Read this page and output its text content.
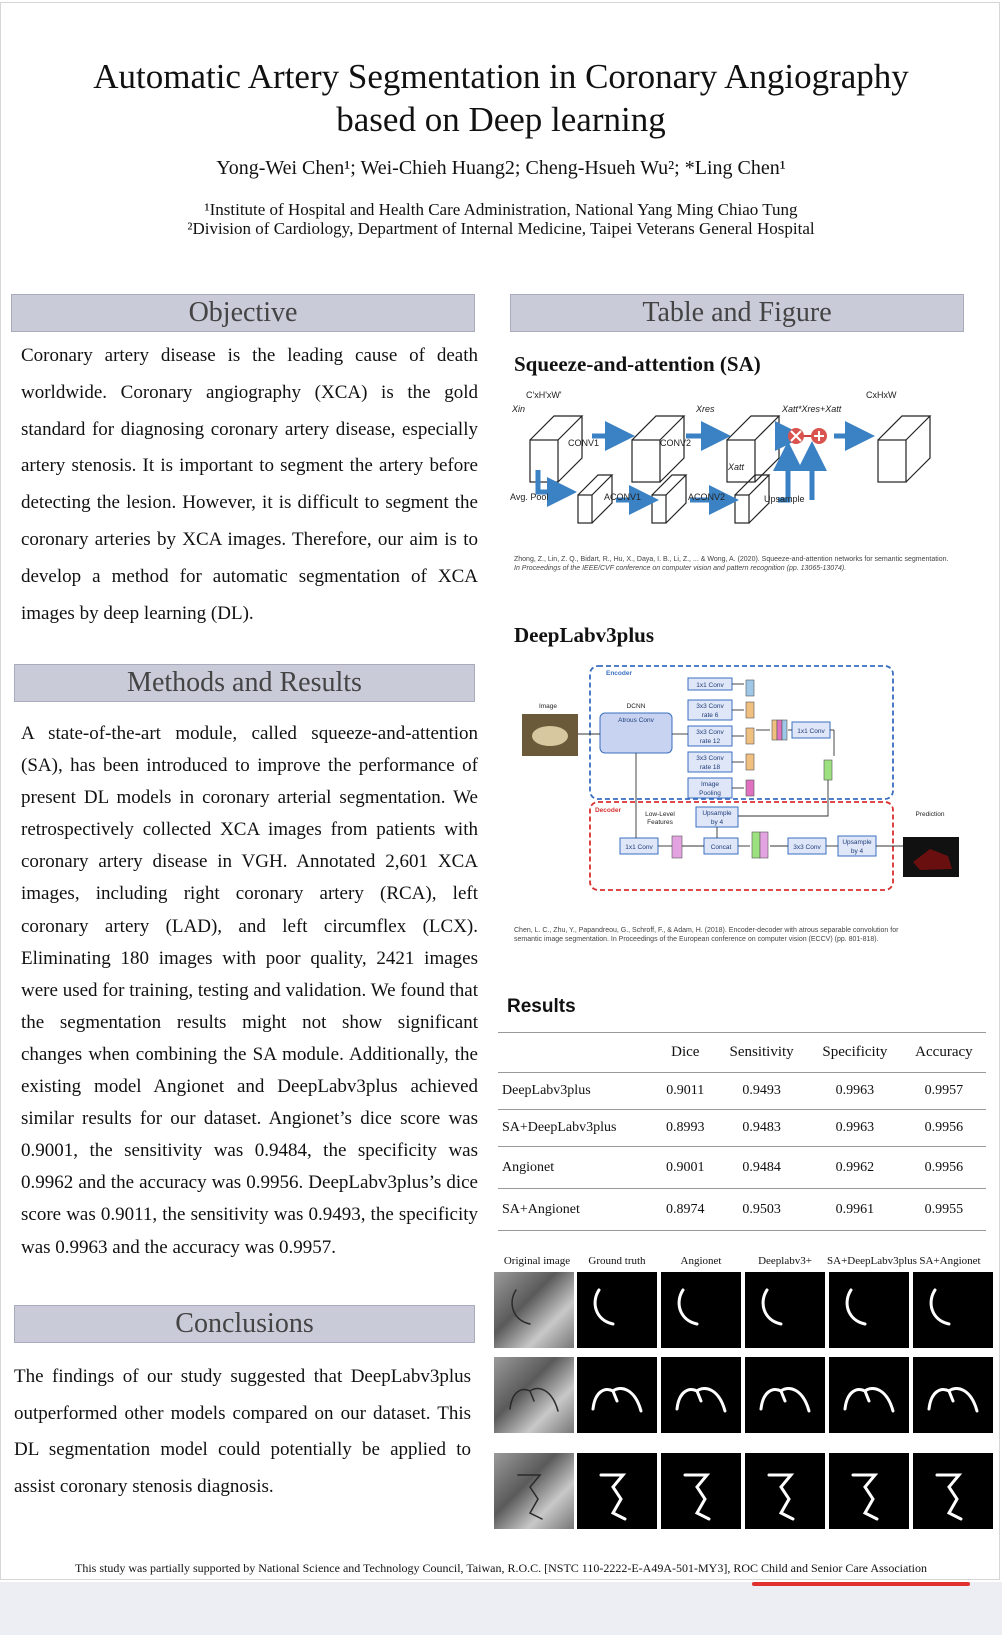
Automatic Artery Segmentation in Coronary Angiography
based on Deep learning
Yong-Wei Chen¹; Wei-Chieh Huang2; Cheng-Hsueh Wu²; *Ling Chen¹
¹Institute of Hospital and Health Care Administration, National Yang Ming Chiao Tung
²Division of Cardiology, Department of Internal Medicine, Taipei Veterans General Hospital
Objective
Coronary artery disease is the leading cause of death worldwide. Coronary angiography (XCA) is the gold standard for diagnosing coronary artery disease, especially artery stenosis. It is important to segment the artery before detecting the lesion. However, it is difficult to segment the coronary arteries by XCA images. Therefore, our aim is to develop a method for automatic segmentation of XCA images by deep learning (DL).
Methods and Results
A state-of-the-art module, called squeeze-and-attention (SA), has been introduced to improve the performance of present DL models in coronary arterial segmentation. We retrospectively collected XCA images from patients with coronary artery disease in VGH. Annotated 2,601 XCA images, including right coronary artery (RCA), left coronary artery (LAD), and left circumflex (LCX). Eliminating 180 images with poor quality, 2421 images were used for training, testing and validation. We found that the segmentation results might not show significant changes when combining the SA module. Additionally, the existing model Angionet and DeepLabv3plus achieved similar results for our dataset. Angionet’s dice score was 0.9001, the sensitivity was 0.9484, the specificity was 0.9962 and the accuracy was 0.9956. DeepLabv3plus’s dice score was 0.9011, the sensitivity was 0.9493, the specificity was 0.9963 and the accuracy was 0.9957.
Conclusions
The findings of our study suggested that DeepLabv3plus outperformed other models compared on our dataset. This DL segmentation model could potentially be applied to assist coronary stenosis diagnosis.
Table and Figure
Squeeze-and-attention (SA)
Xin
C'xH'xW'
CONV1	CONV2
Xres	Xatt*Xres+Xatt
CxHxW
Avg. Pool	ACONV1	ACONV2
Xatt
Upsample
Zhong, Z., Lin, Z. Q., Bidart, R., Hu, X., Daya, I. B., Li, Z., ... & Wong, A. (2020). Squeeze-and-attention networks for semantic segmentation.
In Proceedings of the IEEE/CVF conference on computer vision and pattern recognition (pp. 13065-13074).
DeepLabv3plus
Encoder
Image	DCNN
Atrous Conv
1x1 Conv
3x3 Conv
rate 6
3x3 Conv
rate 12
3x3 Conv
rate 18
Image
Pooling
1x1 Conv
Decoder
Low-Level
Features
Upsample
by 4
1x1 Conv	Concat	3x3 Conv
Upsample
by 4
Prediction
Chen, L. C., Zhu, Y., Papandreou, G., Schroff, F., & Adam, H. (2018). Encoder-decoder with atrous separable convolution for
semantic image segmentation. In Proceedings of the European conference on computer vision (ECCV) (pp. 801-818).
Results
	Dice	Sensitivity	Specificity	Accuracy
DeepLabv3plus	0.9011	0.9493	0.9963	0.9957
SA+DeepLabv3plus	0.8993	0.9483	0.9963	0.9956
Angionet	0.9001	0.9484	0.9962	0.9956
SA+Angionet	0.8974	0.9503	0.9961	0.9955
Original image	Ground truth	Angionet	Deeplabv3+	SA+DeepLabv3plus SA+Angionet
This study was partially supported by National Science and Technology Council, Taiwan, R.O.C. [NSTC 110-2222-E-A49A-501-MY3], ROC Child and Senior Care Association
